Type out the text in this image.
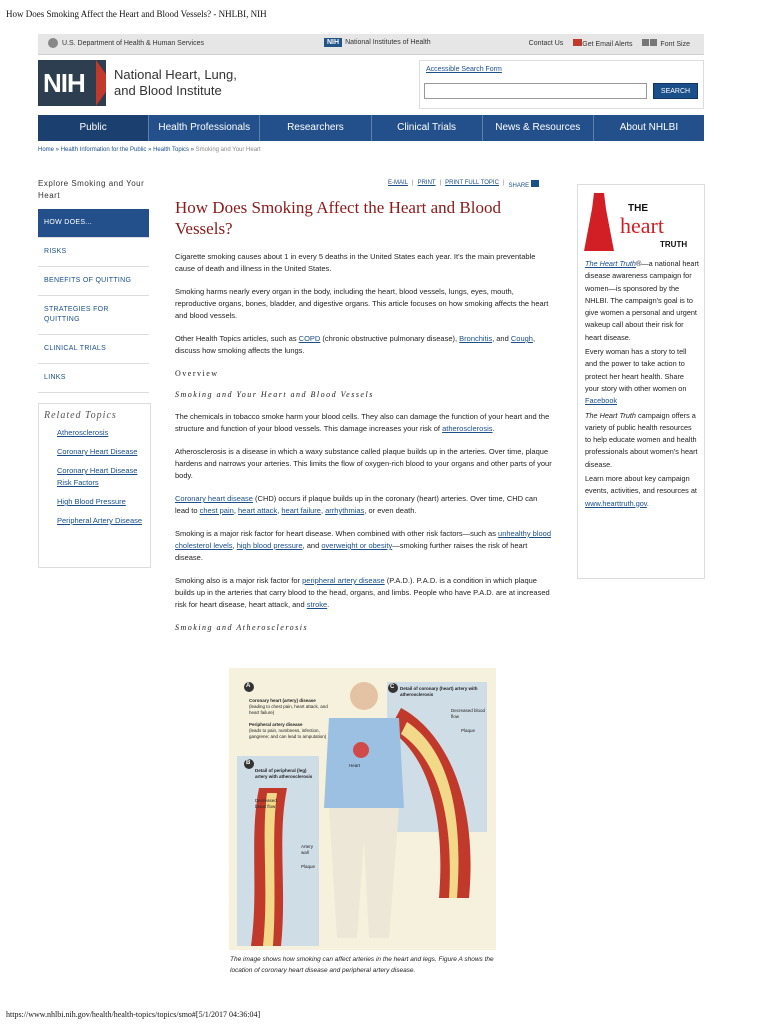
How Does Smoking Affect the Heart and Blood Vessels? - NHLBI, NIH
U.S. Department of Health & Human Services	NIH National Institutes of Health	Contact Us	Get Email Alerts	Font Size
NIH National Heart, Lung,
and Blood Institute
Accessible Search Form
SEARCH
Public	Health Professionals	Researchers	Clinical Trials	News & Resources	About NHLBI
Home » Health Information for the Public » Health Topics » Smoking and Your Heart
Explore Smoking and Your Heart
HOW DOES...
RISKS
BENEFITS OF QUITTING
STRATEGIES FOR QUITTING
CLINICAL TRIALS
LINKS
Related Topics
Atherosclerosis
Coronary Heart Disease
Coronary Heart Disease Risk Factors
High Blood Pressure
Peripheral Artery Disease
E-MAIL | PRINT | PRINT FULL TOPIC | SHARE
How Does Smoking Affect the Heart and Blood Vessels?

Cigarette smoking causes about 1 in every 5 deaths in the United States each year. It's the main preventable cause of death and illness in the United States.

Smoking harms nearly every organ in the body, including the heart, blood vessels, lungs, eyes, mouth, reproductive organs, bones, bladder, and digestive organs. This article focuses on how smoking affects the heart and blood vessels.

Other Health Topics articles, such as COPD (chronic obstructive pulmonary disease), Bronchitis, and Cough, discuss how smoking affects the lungs.

Overview

Smoking and Your Heart and Blood Vessels

The chemicals in tobacco smoke harm your blood cells. They also can damage the function of your heart and the structure and function of your blood vessels. This damage increases your risk of atherosclerosis.

Atherosclerosis is a disease in which a waxy substance called plaque builds up in the arteries. Over time, plaque hardens and narrows your arteries. This limits the flow of oxygen-rich blood to your organs and other parts of your body.

Coronary heart disease (CHD) occurs if plaque builds up in the coronary (heart) arteries. Over time, CHD can lead to chest pain, heart attack, heart failure, arrhythmias, or even death.

Smoking is a major risk factor for heart disease. When combined with other risk factors—such as unhealthy blood cholesterol levels, high blood pressure, and overweight or obesity—smoking further raises the risk of heart disease.

Smoking also is a major risk factor for peripheral artery disease (P.A.D.). P.A.D. is a condition in which plaque builds up in the arteries that carry blood to the head, organs, and limbs. People who have P.A.D. are at increased risk for heart disease, heart attack, and stroke.

Smoking and Atherosclerosis

A
B
C
Coronary heart (artery) disease
(leading to chest pain, heart attack, and heart failure)
Peripheral artery disease
(leads to pain, numbness, infection, gangrene; and can lead to amputation)
Detail of peripheral (leg) artery with atherosclerosis
Detail of coronary (heart) artery with atherosclerosis
Decreased blood flow
Plaque
Heart
Decreased blood flow
Artery wall
Plaque
The image shows how smoking can affect arteries in the heart and legs. Figure A shows the location of coronary heart disease and peripheral artery disease.
THE
heart
TRUTH

The Heart Truth®—a national heart disease awareness campaign for women—is sponsored by the NHLBI. The campaign's goal is to give women a personal and urgent wakeup call about their risk for heart disease.

Every woman has a story to tell and the power to take action to protect her heart health. Share your story with other women on Facebook

The Heart Truth campaign offers a variety of public health resources to help educate women and health professionals about women's heart disease.

Learn more about key campaign events, activities, and resources at www.hearttruth.gov.

https://www.nhlbi.nih.gov/health/health-topics/topics/smo#[5/1/2017 04:36:04]
